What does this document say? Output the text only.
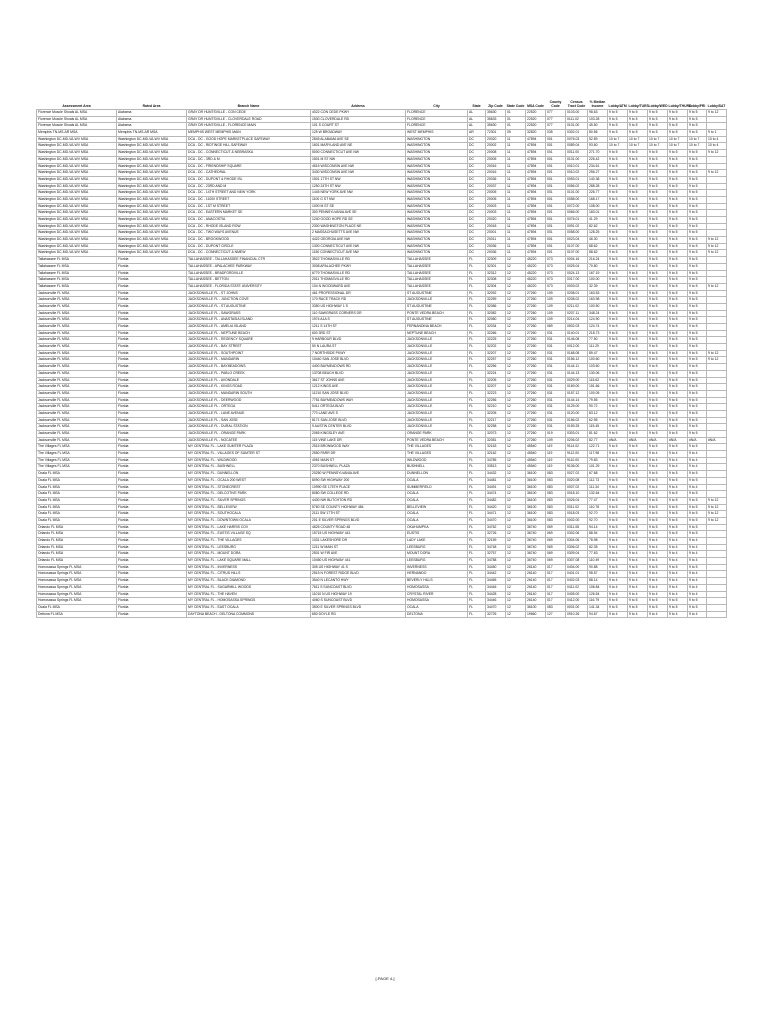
Assessment Area	Rated Area	Branch Name	Address	City	State	Zip Code	State Code	MSA Code	County Code	Census Tract Code	% Median Income	Lobby/ATM	Lobby/TUES	Lobby/WED	Lobby/THURS	Lobby/FRI	Lobby/SAT
Florence Muscle Shoals AL MSA	Alabama	GRAY DR HUNTSVILLE - CON CEDE	4022 CON CEDE PKWY	FLORENCE	AL	35630	01	22520	077	0103.00	98.63	9 to 5	9 to 5	9 to 5	9 to 5	9 to 5	9 to 12
Florence Muscle Shoals AL MSA	Alabama	GRAY DR HUNTSVILLE - CLOVERDALE ROAD	1530 CLOVERDALE RD	FLORENCE	AL	35633	01	22520	077	0111.02	103.28	9 to 5	9 to 5	9 to 5	9 to 5	9 to 5	
Florence Muscle Shoals AL MSA	Alabama	GRAY DR HUNTSVILLE - FLORENCE MAIN	101 S COURT ST	FLORENCE	AL	35630	01	22520	077	0101.00	45.50	9 to 5	9 to 5	9 to 5	9 to 5	9 to 5	
Memphis TN-MS-AR MSA	Memphis TN-MS-AR MSA	MEMPHIS WEST MEMPHIS MAIN	125 W BROADWAY	WEST MEMPHIS	AR	72301	05	32820	035	0302.01	80.56	9 to 5	9 to 5	9 to 5	9 to 5	9 to 5	9 to 1
Washington DC-MD-VA-WV MSA	Washington DC-MD-VA-WV MSA	DCA - DC - GOOD HOPE MARKETPLACE SAFEWAY	2845 ALABAMA AVE SE	WASHINGTON	DC	20020	11	47894	001	0076.03	52.89	10 to 7	10 to 7	10 to 7	10 to 7	10 to 7	10 to 4
Washington DC-MD-VA-WV MSA	Washington DC-MD-VA-WV MSA	DCA - DC - RIDTINGE HILL SAFEWAY	1601 MARYLAND AVE NE	WASHINGTON	DC	20002	11	47894	001	0089.04	93.60	10 to 7	10 to 7	10 to 7	10 to 7	10 to 7	10 to 4
Washington DC-MD-VA-WV MSA	Washington DC-MD-VA-WV MSA	DCA - DC - CONNECTICUT & NEBRASKA	5000 CONNECTICUT AVE NW	WASHINGTON	DC	20008	11	47894	001	0011.00	271.70	9 to 5	9 to 5	9 to 5	9 to 5	9 to 5	9 to 12
Washington DC-MD-VA-WV MSA	Washington DC-MD-VA-WV MSA	DCA - DC - 3RD & M	1501 M ST NW	WASHINGTON	DC	20005	11	47894	001	0101.00	226.42	9 to 5	9 to 5	9 to 5	9 to 5	9 to 5	
Washington DC-MD-VA-WV MSA	Washington DC-MD-VA-WV MSA	DCA - DC - FRIENDSHIP SQUARE	4515 WISCONSIN AVE NW	WASHINGTON	DC	20016	11	47894	001	0010.01	234.61	9 to 5	9 to 5	9 to 5	9 to 5	9 to 5	
Washington DC-MD-VA-WV MSA	Washington DC-MD-VA-WV MSA	DCA - DC - CATHEDRAL	3430 WISCONSIN AVE NW	WASHINGTON	DC	20016	11	47894	001	0010.02	256.27	9 to 5	9 to 5	9 to 5	9 to 5	9 to 5	9 to 12
Washington DC-MD-VA-WV MSA	Washington DC-MD-VA-WV MSA	DCA - DC - DUPONT & RHODE ISL	1501 17TH ST NW	WASHINGTON	DC	20036	11	47894	001	0053.01	140.38	9 to 5	9 to 5	9 to 5	9 to 5	9 to 5	
Washington DC-MD-VA-WV MSA	Washington DC-MD-VA-WV MSA	DCA - DC - 23RD AND M	1250 24TH ST NW	WASHINGTON	DC	20037	11	47894	001	0056.02	288.28	9 to 5	9 to 5	9 to 5	9 to 5	9 to 5	
Washington DC-MD-VA-WV MSA	Washington DC-MD-VA-WV MSA	DCA - DC - 14TH STREET AND NEW YORK	1445 NEW YORK AVE NW	WASHINGTON	DC	20005	11	47894	001	0101.00	226.77	9 to 5	9 to 5	9 to 5	9 to 5	9 to 5	
Washington DC-MD-VA-WV MSA	Washington DC-MD-VA-WV MSA	DCA - DC - 11000 STREET	1100 G ST NW	WASHINGTON	DC	20005	11	47894	001	0058.00	168.17	9 to 5	9 to 5	9 to 5	9 to 5	9 to 5	
Washington DC-MD-VA-WV MSA	Washington DC-MD-VA-WV MSA	DCA - DC - 1ST M STREET	1000 M ST SE	WASHINGTON	DC	20003	11	47894	001	0072.00	108.00	9 to 5	9 to 5	9 to 5	9 to 5	9 to 5	
Washington DC-MD-VA-WV MSA	Washington DC-MD-VA-WV MSA	DCA - DC - EASTERN MARKET SE	300 PENNSYLVANIA AVE SE	WASHINGTON	DC	20003	11	47894	001	0066.00	183.01	9 to 5	9 to 5	9 to 5	9 to 5	9 to 5	
Washington DC-MD-VA-WV MSA	Washington DC-MD-VA-WV MSA	DCA - DC - ANACOSTIA	1240 GOOD HOPE RD SE	WASHINGTON	DC	20020	11	47894	001	0076.01	41.29	9 to 5	9 to 5	9 to 5	9 to 5	9 to 5	
Washington DC-MD-VA-WV MSA	Washington DC-MD-VA-WV MSA	DCA - DC - RHODE ISLAND ROW	2300 WASHINGTON PLACE NE	WASHINGTON	DC	20018	11	47894	001	0091.02	82.62	9 to 5	9 to 5	9 to 5	9 to 5	9 to 5	
Washington DC-MD-VA-WV MSA	Washington DC-MD-VA-WV MSA	DCA - DC - TWO WAYS AVENUE	2 MASSACHUSETTS AVE NW	WASHINGTON	DC	20001	11	47894	001	0058.00	128.25	9 to 5	9 to 5	9 to 5	9 to 5	9 to 5	
Washington DC-MD-VA-WV MSA	Washington DC-MD-VA-WV MSA	DCA - DC - BROOKWOOD	4422 GEORGIA AVE NW	WASHINGTON	DC	20011	11	47894	001	0023.04	46.30	9 to 5	9 to 5	9 to 5	9 to 5	9 to 5	9 to 12
Washington DC-MD-VA-WV MSA	Washington DC-MD-VA-WV MSA	DCA - DC - DUPONT CIRCLE	1300 CONNECTICUT AVE NW	WASHINGTON	DC	20036	11	47894	001	0107.00	88.62	9 to 5	9 to 5	9 to 5	9 to 5	9 to 5	9 to 12
Washington DC-MD-VA-WV MSA	Washington DC-MD-VA-WV MSA	DCA - DC - CONNECTICUT & NMEW	1150 CONNECTICUT AVE NW	WASHINGTON	DC	20036	11	47894	001	0107.00	88.62	9 to 5	9 to 5	9 to 5	9 to 5	9 to 5	9 to 12
Tallahassee FL MSA	Florida	TALLAHASSEE - TALLAHASSEE FINANCIAL CTR	3522 THOMASVILLE RD	TALLAHASSEE	FL	32309	12	45220	073	0004.16	216.24	9 to 5	9 to 5	9 to 5	9 to 5	9 to 5	
Tallahassee FL MSA	Florida	TALLAHASSEE - APALACHEE PARKWAY	3008 APALACHEE PKWY	TALLAHASSEE	FL	32301	12	45220	073	0025.04	70.80	9 to 5	9 to 5	9 to 5	9 to 5	9 to 5	
Tallahassee FL MSA	Florida	TALLAHASSEE - BRADFORDVILLE	6779 THOMASVILLE RD	TALLAHASSEE	FL	32312	12	45220	073	0024.13	167.19	9 to 5	9 to 5	9 to 5	9 to 5	9 to 5	
Tallahassee FL MSA	Florida	TALLAHASSEE - BETTON	2011 THOMASVILLE RD	TALLAHASSEE	FL	32308	12	45220	073	0017.00	100.00	9 to 5	9 to 5	9 to 5	9 to 5	9 to 5	
Tallahassee FL MSA	Florida	TALLAHASSEE - FLORIDA STATE UNIVERSITY	104 N WOODWARD AVE	TALLAHASSEE	FL	32304	12	45220	073	0003.02	32.39	9 to 5	9 to 5	9 to 5	9 to 5	9 to 5	9 to 12
Jacksonville FL MSA	Florida	JACKSONVILLE FL - ST JOHNS	461 PROFESSIONAL DR	ST AUGUSTINE	FL	32092	12	27260	109	0208.01	163.53	9 to 5	9 to 5	9 to 5	9 to 5	9 to 5	
Jacksonville FL MSA	Florida	JACKSONVILLE FL - JUNCTION COVE	170 RACE TRACK RD	JACKSONVILLE	FL	32259	12	27260	109	0208.02	163.98	9 to 5	9 to 5	9 to 5	9 to 5	9 to 5	
Jacksonville FL MSA	Florida	JACKSONVILLE FL - ST AUGUSTINE	3350 US HIGHWAY 1 S	ST AUGUSTINE	FL	32086	12	27260	109	0211.02	100.50	9 to 5	9 to 5	9 to 5	9 to 5	9 to 5	
Jacksonville FL MSA	Florida	JACKSONVILLE FL - SAWGRASS	110 SAWGRASS CORNERS DR	PONTE VEDRA BEACH	FL	32082	12	27260	109	0207.11	348.24	9 to 5	9 to 5	9 to 5	9 to 5	9 to 5	
Jacksonville FL MSA	Florida	JACKSONVILLE FL - ANASTASIA ISLAND	1974 A1A S	ST AUGUSTINE	FL	32080	12	27260	109	0214.04	124.90	9 to 5	9 to 5	9 to 5	9 to 5	9 to 5	
Jacksonville FL MSA	Florida	JACKSONVILLE FL - AMELIA ISLAND	1211 S 14TH ST	FERNANDINA BEACH	FL	32034	12	27260	089	0502.03	124.74	9 to 5	9 to 5	9 to 5	9 to 5	9 to 5	
Jacksonville FL MSA	Florida	JACKSONVILLE FL - NEPTUNE BEACH	600 3RD ST	NEPTUNE BEACH	FL	32266	12	27260	031	0140.01	218.73	9 to 5	9 to 5	9 to 5	9 to 5	9 to 5	
Jacksonville FL MSA	Florida	JACKSONVILLE FL - REGENCY SQUARE	9 HARBOUR BLVD	JACKSONVILLE	FL	32225	12	27260	031	0146.08	77.50	9 to 5	9 to 5	9 to 5	9 to 5	9 to 5	
Jacksonville FL MSA	Florida	JACKSONVILLE FL - BAY STREET	50 N LAURA ST	JACKSONVILLE	FL	32202	12	27260	031	0012.00	111.29	9 to 5	9 to 5	9 to 5	9 to 5	9 to 5	
Jacksonville FL MSA	Florida	JACKSONVILLE FL - SOUTHPOINT	7 NORTHSIDE PKWY	JACKSONVILLE	FL	32207	12	27260	031	0168.08	89.47	9 to 5	9 to 5	9 to 5	9 to 5	9 to 5	9 to 12
Jacksonville FL MSA	Florida	JACKSONVILLE FL - MANDARIN	10440 SAN JOSE BLVD	JACKSONVILLE	FL	32257	12	27260	031	0156.12	100.60	9 to 5	9 to 5	9 to 5	9 to 5	9 to 5	9 to 12
Jacksonville FL MSA	Florida	JACKSONVILLE FL - BAYMEADOWS	4400 BAYMEADOWS RD	JACKSONVILLE	FL	32256	12	27260	031	0144.11	103.60	9 to 5	9 to 5	9 to 5	9 to 5	9 to 5	
Jacksonville FL MSA	Florida	JACKSONVILLE FL - PABLO CREEK	13708 BEACH BLVD	JACKSONVILLE	FL	32224	12	27260	031	0144.13	130.06	9 to 5	9 to 5	9 to 5	9 to 5	9 to 5	
Jacksonville FL MSA	Florida	JACKSONVILLE FL - AVONDALE	3617 ST JOHNS AVE	JACKSONVILLE	FL	32205	12	27260	031	0029.00	115.62	9 to 5	9 to 5	9 to 5	9 to 5	9 to 5	
Jacksonville FL MSA	Florida	JACKSONVILLE FL - KINGS ROAD	1212 KINGS AVE	JACKSONVILLE	FL	32207	12	27260	031	0169.00	151.66	9 to 5	9 to 5	9 to 5	9 to 5	9 to 5	
Jacksonville FL MSA	Florida	JACKSONVILLE FL - MANDARIN SOUTH	11210 SAN JOSE BLVD	JACKSONVILLE	FL	32223	12	27260	031	0157.12	100.05	9 to 5	9 to 5	9 to 5	9 to 5	9 to 5	
Jacksonville FL MSA	Florida	JACKSONVILLE FL - DEERWOOD	7751 BAYMEADOWS WAY	JACKSONVILLE	FL	32256	12	27260	031	0144.14	79.55	9 to 5	9 to 5	9 to 5	9 to 5	9 to 5	
Jacksonville FL MSA	Florida	JACKSONVILLE FL - ORTEGA	5411 ORTEGA BLVD	JACKSONVILLE	FL	32210	12	27260	031	0125.00	90.72	9 to 5	9 to 5	9 to 5	9 to 5	9 to 5	
Jacksonville FL MSA	Florida	JACKSONVILLE FL - LANE AVENUE	770 LANE AVE S	JACKSONVILLE	FL	32205	12	27260	031	0120.00	83.12	9 to 5	9 to 5	9 to 5	9 to 5	9 to 5	
Jacksonville FL MSA	Florida	JACKSONVILLE FL - SAN JOSE	8171 SAN JOSE BLVD	JACKSONVILLE	FL	32217	12	27260	031	0156.02	62.95	9 to 5	9 to 5	9 to 5	9 to 5	9 to 5	
Jacksonville FL MSA	Florida	JACKSONVILLE FL - DURAL STATION	9 AUSTIN CENTER BLVD	JACKSONVILLE	FL	32258	12	27260	031	0159.25	115.45	9 to 5	9 to 5	9 to 5	9 to 5	9 to 5	
Jacksonville FL MSA	Florida	JACKSONVILLE FL - ORANGE PARK	2065 KINGSLEY AVE	ORANGE PARK	FL	32073	12	27260	019	0303.01	81.62	9 to 5	9 to 5	9 to 5	9 to 5	9 to 5	
Jacksonville FL MSA	Florida	JACKSONVILLE FL - NOCATEE	115 VINE LAKE DR	PONTE VEDRA BEACH	FL	32081	12	27260	109	0206.02	82.77	#N/A	#N/A	#N/A	#N/A	#N/A	#N/A
The Villages FL MSA	Florida	MY CENTRAL FL - LAKE SUMTER PLAZA	2515 BRONWOOD WAY	THE VILLAGES	FL	32163	12	45540	119	9114.02	122.71	9 to 5	9 to 5	9 to 5	9 to 5	9 to 5	
The Villages FL MSA	Florida	MY CENTRAL FL - VILLAGES OF SUMTER ST	2550 PARR DR	THE VILLAGES	FL	32162	12	45540	119	9112.00	117.98	9 to 4	9 to 4	9 to 4	9 to 4	9 to 4	
The Villages FL MSA	Florida	MY CENTRAL FL - WILDWOOD	4051 MAIN ST	WILDWOOD	FL	34785	12	45540	119	9110.00	79.83	9 to 4	9 to 4	9 to 4	9 to 4	9 to 4	
The Villages FL MSA	Florida	MY CENTRAL FL - BUSHNELL	2370 BUSHNELL PLAZA	BUSHNELL	FL	33513	12	45540	119	9106.00	101.29	9 to 4	9 to 4	9 to 4	9 to 4	9 to 4	
Ocala FL MSA	Florida	MY CENTRAL FL - DUNNELLON	20250 W PENNSYLVANIA AVE	DUNNELLON	FL	34432	12	36100	083	0027.02	67.68	9 to 5	9 to 5	9 to 5	9 to 5	9 to 5	
Ocala FL MSA	Florida	MY CENTRAL FL - OCALA 200 WEST	8090 SW HIGHWAY 200	OCALA	FL	34481	12	36100	083	0020.08	112.73	9 to 5	9 to 5	9 to 5	9 to 5	9 to 5	
Ocala FL MSA	Florida	MY CENTRAL FL - STONECREST	10990 SE 175TH PLACE	SUMMERFIELD	FL	34491	12	36100	083	0007.02	111.34	9 to 4	9 to 4	9 to 4	9 to 4	9 to 4	
Ocala FL MSA	Florida	MY CENTRAL FL - DELCOTIVE PARK	8080 SW COLLEGE RD	OCALA	FL	34474	12	36100	083	0018.10	132.64	9 to 5	9 to 5	9 to 5	9 to 5	9 to 5	
Ocala FL MSA	Florida	MY CENTRAL FL - SILVER SPRINGS	4430 NW BLITCHTON RD	OCALA	FL	34482	12	36100	083	0026.04	77.47	9 to 5	9 to 5	9 to 5	9 to 5	9 to 5	9 to 12
Ocala FL MSA	Florida	MY CENTRAL FL - BELLEVIEW	5760 SE COUNTY HIGHWAY 484	BELLEVIEW	FL	34420	12	36100	083	0011.02	110.78	9 to 5	9 to 5	9 to 5	9 to 5	9 to 5	9 to 12
Ocala FL MSA	Florida	MY CENTRAL FL - SOUTHOCALA	2111 SW 17TH ST	OCALA	FL	34471	12	36100	083	0018.03	92.70	9 to 5	9 to 5	9 to 5	9 to 5	9 to 5	9 to 12
Ocala FL MSA	Florida	MY CENTRAL FL - DOWNTOWN OCALA	201 E SILVER SPRINGS BLVD	OCALA	FL	34470	12	36100	083	0002.00	92.70	9 to 5	9 to 5	9 to 5	9 to 5	9 to 5	9 to 12
Orlando FL MSA	Florida	MY CENTRAL FL - LAKE HARRIS COV	4625 COUNTY ROAD 48	OKAHUMPKA	FL	34762	12	36740	069	0311.08	94.14	9 to 5	9 to 5	9 to 5	9 to 5	9 to 5	
Orlando FL MSA	Florida	MY CENTRAL FL - EUSTIS VILLAGE SQ	15715 US HIGHWAY 441	EUSTIS	FL	32726	12	36740	069	0302.06	88.94	9 to 5	9 to 5	9 to 5	9 to 5	9 to 5	
Orlando FL MSA	Florida	MY CENTRAL FL - THE VILLAGES	1031 LAKESHORE DR	LADY LAKE	FL	32159	12	36740	069	0304.06	78.98	9 to 4	9 to 4	9 to 4	9 to 4	9 to 4	
Orlando FL MSA	Florida	MY CENTRAL FL - LEESBURG	1211 W MAIN ST	LEESBURG	FL	34748	12	36740	069	0306.02	82.35	9 to 4	9 to 4	9 to 4	9 to 4	9 to 4	
Orlando FL MSA	Florida	MY CENTRAL FL - MOUNT DORA	2501 W FIR AVE	MOUNT DORA	FL	32757	12	36740	069	0309.04	77.63	9 to 4	9 to 4	9 to 4	9 to 4	9 to 4	
Orlando FL MSA	Florida	MY CENTRAL FL - LAKE SQUARE MALL	10450 US HIGHWAY 441	LEESBURG	FL	34788	12	36740	069	0307.08	110.49	9 to 4	9 to 4	9 to 4	9 to 4	9 to 4	
Homosassa Springs FL MSA	Florida	MY CENTRAL FL - INVERNESS	305 US HIGHWAY 41 S	INVERNESS	FL	34450	12	26140	017	0404.00	90.88	9 to 5	9 to 5	9 to 5	9 to 5	9 to 5	
Homosassa Springs FL MSA	Florida	MY CENTRAL FL - CITRUS HILLS	2515 N FOREST RIDGE BLVD	HERNANDO	FL	34442	12	26140	017	0401.01	98.57	9 to 4	9 to 4	9 to 4	9 to 4	9 to 4	
Homosassa Springs FL MSA	Florida	MY CENTRAL FL - BLACK DIAMOND	3540 N LECANTO HWY	BEVERLY HILLS	FL	34465	12	26140	017	0402.03	88.14	9 to 4	9 to 4	9 to 4	9 to 4	9 to 4	
Homosassa Springs FL MSA	Florida	MY CENTRAL FL - SUGARMILL WOODS	7611 S SUNCOAST BLVD	HOMOSASSA	FL	34446	12	26140	017	0411.02	106.84	9 to 4	9 to 4	9 to 4	9 to 4	9 to 4	
Homosassa Springs FL MSA	Florida	MY CENTRAL FL - THE HAVEN	11010 N US HIGHWAY 19	CRYSTAL RIVER	FL	34428	12	26140	017	0405.00	126.54	9 to 4	9 to 4	9 to 4	9 to 4	9 to 4	
Homosassa Springs FL MSA	Florida	MY CENTRAL FL - HOMOSASSA SPRINGS	4060 S SUNCOAST BLVD	HOMOSASSA	FL	34446	12	26140	017	0412.00	116.79	9 to 5	9 to 5	9 to 5	9 to 5	9 to 5	
Ocala FL MSA	Florida	MY CENTRAL FL - EAST OCALA	3500 E SILVER SPRINGS BLVD	OCALA	FL	34470	12	36100	083	0001.00	141.34	9 to 5	9 to 5	9 to 5	9 to 5	9 to 5	
Deltona FL MSA	Florida	DAYTONA BEACH - DELTONA COMMONS	650 DOYLE RD	DELTONA	FL	32725	12	19660	127	0910.26	94.67	9 to 4	9 to 4	9 to 4	9 to 4	9 to 4	
[-PAGE 4-]
